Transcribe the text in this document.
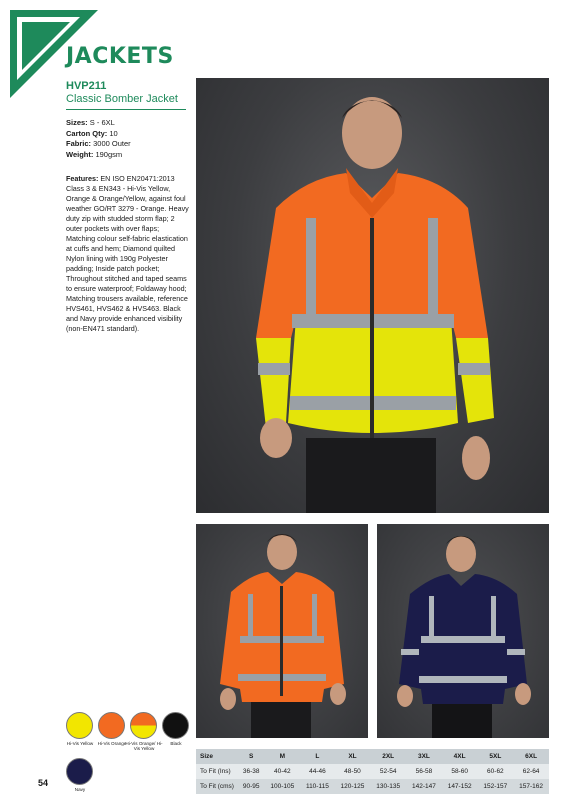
JACKETS
HVP211
Classic Bomber Jacket
Sizes: S - 6XL
Carton Qty: 10
Fabric: 3000 Outer
Weight: 190gsm
Features: EN ISO EN20471:2013 Class 3 & EN343 - Hi-Vis Yellow, Orange & Orange/Yellow, against foul weather GO/RT 3279 - Orange. Heavy duty zip with studded storm flap; 2 outer pockets with over flaps; Matching colour self-fabric elastication at cuffs and hem; Diamond quilted Nylon lining with 190g Polyester padding; Inside patch pocket; Throughout stitched and taped seams to ensure waterproof; Foldaway hood; Matching trousers available, reference HVS461, HVS462 & HVS463. Black and Navy provide enhanced visibility (non-EN471 standard).
Hi-Vis Yellow Hi-Vis Orange Hi-Vis Orange/ Hi-Vis Yellow
Black
Navy
54
Size	S	M	L	XL	2XL	3XL	4XL	5XL	6XL
To Fit (Ins)	36-38	40-42	44-46	48-50	52-54	56-58	58-60	60-62	62-64
To Fit (cms)	90-95	100-105	110-115	120-125	130-135	142-147	147-152	152-157	157-162
